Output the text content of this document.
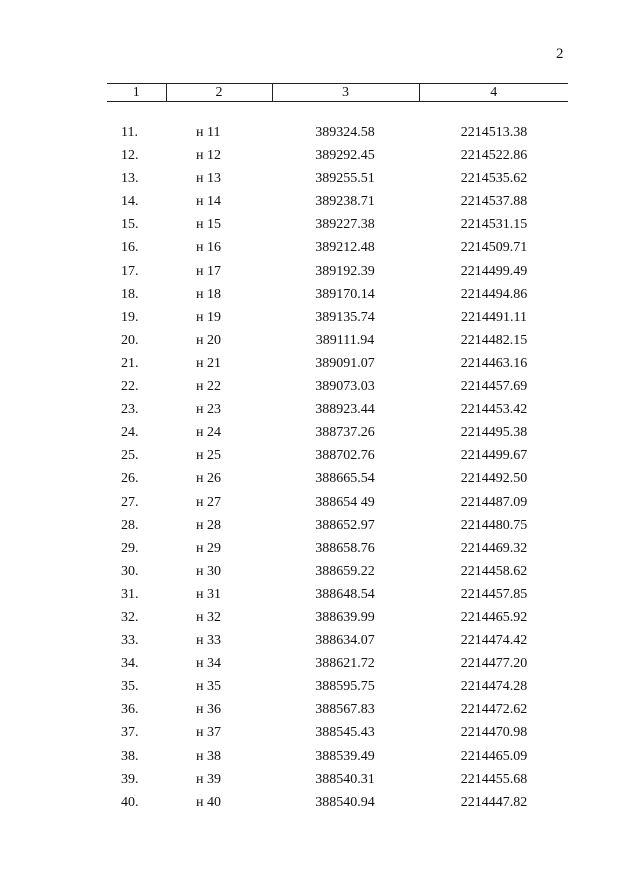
2
1	2	3	4
11.	н 11	389324.58	2214513.38
12.	н 12	389292.45	2214522.86
13.	н 13	389255.51	2214535.62
14.	н 14	389238.71	2214537.88
15.	н 15	389227.38	2214531.15
16.	н 16	389212.48	2214509.71
17.	н 17	389192.39	2214499.49
18.	н 18	389170.14	2214494.86
19.	н 19	389135.74	2214491.11
20.	н 20	389111.94	2214482.15
21.	н 21	389091.07	2214463.16
22.	н 22	389073.03	2214457.69
23.	н 23	388923.44	2214453.42
24.	н 24	388737.26	2214495.38
25.	н 25	388702.76	2214499.67
26.	н 26	388665.54	2214492.50
27.	н 27	388654 49	2214487.09
28.	н 28	388652.97	2214480.75
29.	н 29	388658.76	2214469.32
30.	н 30	388659.22	2214458.62
31.	н 31	388648.54	2214457.85
32.	н 32	388639.99	2214465.92
33.	н 33	388634.07	2214474.42
34.	н 34	388621.72	2214477.20
35.	н 35	388595.75	2214474.28
36.	н 36	388567.83	2214472.62
37.	н 37	388545.43	2214470.98
38.	н 38	388539.49	2214465.09
39.	н 39	388540.31	2214455.68
40.	н 40	388540.94	2214447.82
